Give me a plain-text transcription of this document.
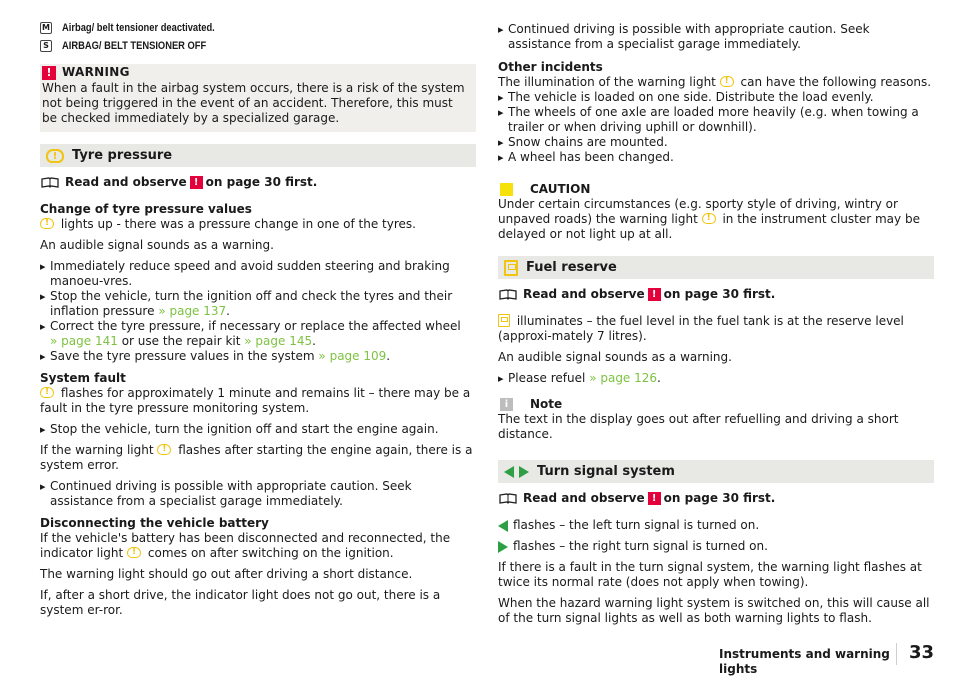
M Airbag/ belt tensioner deactivated.
S AIRBAG/ BELT TENSIONER OFF
! WARNING
When a fault in the airbag system occurs, there is a risk of the system not being triggered in the event of an accident. Therefore, this must be checked immediately by a specialized garage.
!
Tyre pressure
Read and observe ! on page 30 first.
Change of tyre pressure values
! lights up - there was a pressure change in one of the tyres.
An audible signal sounds as a warning.
▸ Immediately reduce speed and avoid sudden steering and braking manoeu-vres.
▸ Stop the vehicle, turn the ignition off and check the tyres and their inflation pressure » page 137.
▸ Correct the tyre pressure, if necessary or replace the affected wheel
» page 141 or use the repair kit » page 145.
▸ Save the tyre pressure values in the system » page 109.
System fault
! flashes for approximately 1 minute and remains lit – there may be a fault in the tyre pressure monitoring system.
▸ Stop the vehicle, turn the ignition off and start the engine again.
If the warning light ! flashes after starting the engine again, there is a system error.
▸ Continued driving is possible with appropriate caution. Seek assistance from a specialist garage immediately.
Disconnecting the vehicle battery
If the vehicle's battery has been disconnected and reconnected, the indicator light ! comes on after switching on the ignition.
The warning light should go out after driving a short distance.
If, after a short drive, the indicator light does not go out, there is a system er-ror.
▸ Continued driving is possible with appropriate caution. Seek assistance from a specialist garage immediately.
Other incidents
The illumination of the warning light ! can have the following reasons.
▸ The vehicle is loaded on one side. Distribute the load evenly.
▸ The wheels of one axle are loaded more heavily (e.g. when towing a trailer or when driving uphill or downhill).
▸ Snow chains are mounted.
▸ A wheel has been changed.
CAUTION
Under certain circumstances (e.g. sporty style of driving, wintry or unpaved roads) the warning light ! in the instrument cluster may be delayed or not light up at all.
Fuel reserve
Read and observe ! on page 30 first.
illuminates – the fuel level in the fuel tank is at the reserve level (approxi-mately 7 litres).
An audible signal sounds as a warning.
▸ Please refuel » page 126.
i	Note
The text in the display goes out after refuelling and driving a short distance.
Turn signal system
Read and observe ! on page 30 first.
flashes – the left turn signal is turned on.
flashes – the right turn signal is turned on.
If there is a fault in the turn signal system, the warning light flashes at twice its normal rate (does not apply when towing).
When the hazard warning light system is switched on, this will cause all of the turn signal lights as well as both warning lights to flash.
Instruments and warning lights
33
